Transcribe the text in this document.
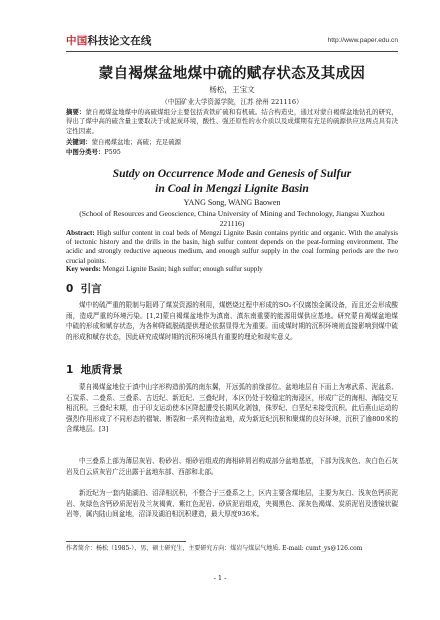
中国科技论文在线	http://www.paper.edu.cn
蒙自褐煤盆地煤中硫的赋存状态及其成因
杨松，王宝文
（中国矿业大学资源学院，江苏 徐州 221116）
摘要：蒙自褐煤盆地煤中的高硫煤组分主要包括黄铁矿硫和有机硫。结合构造史，通过对蒙自褐煤盆地钻孔的研究，得出了煤中高的硫含量主要取决于成泥炭环境，酸性、强还原性的水介质以及成煤期有充足的硫源供应这两点具有决定性因素。
关键词：蒙自褐煤盆地；高硫；充足硫源
中图分类号：P595
Sutdy on Occurrence Mode and Genesis of Sulfur
in Coal in Mengzi Lignite Basin
YANG Song, WANG Baowen
(School of Resources and Geoscience, China University of Mining and Technology, Jiangsu Xuzhou 221116)
Abstract: High sulfur content in coal beds of Mengzi Lignite Basin contains pyritic and organic. With the analysis of tectonic history and the drills in the basin, high sulfur content depends on the peat-forming environment. The acidic and strongly reductive aqueous medium, and enough sulfur supply in the coal forming periods are the two crucial points.
Key words: Mengzi Lignite Basin; high sulfur; enough sulfur supply
0 引言
煤中的硫严重的限制与阻碍了煤炭资源的利用，煤燃烧过程中形成的SO₂不仅腐蚀金属设备，而且还会形成酸雨，造成严重的环境污染。[1,2]蒙自褐煤盆地作为滇南、滇东南重要的能源用煤供应基地。研究蒙自褐煤盆地煤中硫的形成和赋存状态，为各种降硫脱硫提供理论依据显得尤为重要。而成煤时期的沉积环境则直接影响到煤中硫的形成和赋存状态，因此研究成煤时期的沉积环境具有重要的理论和现实意义。
1 地质背景
蒙自褐煤盆地位于滇中山字形构造前弧的南东翼，开远弧的前缘部位。盆地地层自下而上为寒武系、泥盆系、石炭系、二叠系、三叠系、古近纪、新近纪、三叠纪时，本区仍处于较稳定的海浸区，形成广泛的海相、海陆交互相沉积。三叠纪末期，由于印支运动使本区降起遭受长期风化剥蚀，侏罗纪、白垩纪未接受沉积。此后燕山运动的强烈作用形成了不同形态的褶皱、断裂和一系列构造盆地，成为新近纪沉积和聚煤的良好环境，沉积了逾800米的含煤地层。[3]
中三叠系上部为薄层灰岩、粉砂岩、细砂岩组成的海相碎屑岩构成部分盆地基底，下部为浅灰色、灰白色石灰岩及白云质灰岩广泛出露于盆地东部、西部和北部。
新近纪为一套内陆湖泊、沼泽相沉积，不整合于三叠系之上，区内主要含煤地层，主要为灰白、浅灰色钙质泥岩、灰绿色含钙砂质泥岩及兰灰褐黄、紫红色泥岩、砂质泥岩组成，夹褐黑色、深灰色褐煤、炭质泥岩及透镜状碳岩等，属内陆山间盆地，沼泽及湖泊相沉积建造，最大厚度936米。
作者简介：杨松（1985-），男，硕士研究生，主要研究方向：煤岩与煤层气地质. E-mail: cumt_ys@126.com
- 1 -
